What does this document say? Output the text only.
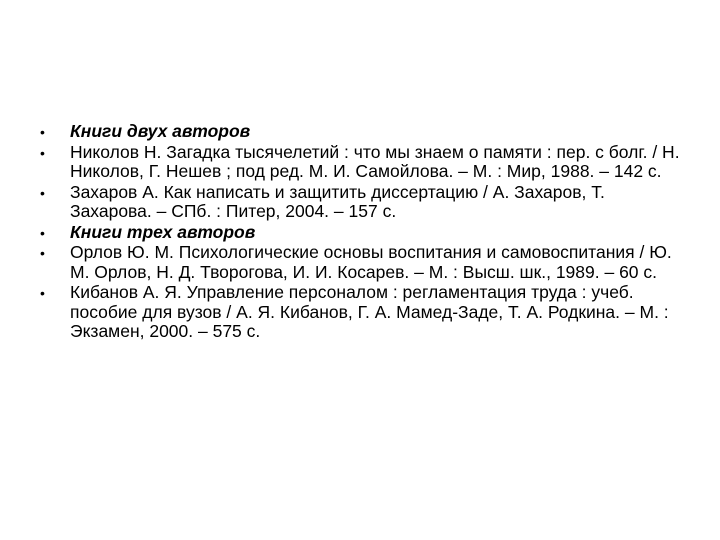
•	Книги двух авторов
•	Николов Н. Загадка тысячелетий : что мы знаем о памяти : пер. с болг. / Н. Николов, Г. Нешев ; под ред. М. И. Самойлова. – М. : Мир, 1988. – 142 с.
•	Захаров А. Как написать и защитить диссертацию / А. Захаров, Т. Захарова. – СПб. : Питер, 2004. – 157 с.
•	Книги трех авторов
•	Орлов Ю. М. Психологические основы воспитания и самовоспитания / Ю. М. Орлов, Н. Д. Творогова, И. И. Косарев. – М. : Высш. шк., 1989. – 60 с.
•	Кибанов А. Я. Управление персоналом : регламентация труда : учеб. пособие для вузов / А. Я. Кибанов, Г. А. Мамед-Заде, Т. А. Родкина. – М. : Экзамен, 2000. – 575 с.
